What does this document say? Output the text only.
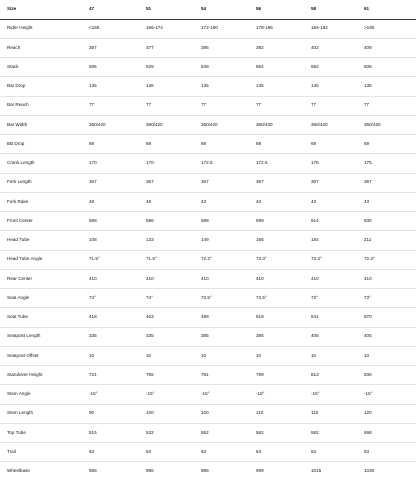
Size	47	51	54	56	58	61
Rider Height	<166	166-174	172-180	178-186	184-192	>190
Reach	367	377	386	392	402	409
Stack	505	529	549	564	582	608
Bar Drop	135	135	135	135	135	135
Bar Reach	77	77	77	77	77	77
Bar Width	360/420	360/420	360/420	360/420	360/420	360/420
BB Drop	69	69	69	69	69	69
Crank Length	170	170	172.5	172.5	175	175
Fork Length	367	367	367	367	367	367
Fork Rake	48	48	43	43	43	43
Front Center	568	586	589	599	614	630
Head Tube	108	133	149	165	184	211
Head Tube Angle	71.5°	71.5°	72.3°	72.3°	72.3°	72.3°
Rear Center	410	410	410	410	410	410
Seat Angle	74°	74°	73.5°	73.5°	73°	73°
Seat Tube	418	463	499	519	541	570
Seatpost Length	335	335	385	385	405	405
Seatpost Offset	10	10	10	10	10	10
Standover Height	721	755	781	799	813	836
Stem Angle	-15°	-15°	-15°	-15°	-15°	-15°
Stem Length	90	100	100	110	110	120
Top Tube	515	532	552	562	582	598
Trail	63	63	63	63	63	63
Wheelbase	968	986	989	999	1015	1030
